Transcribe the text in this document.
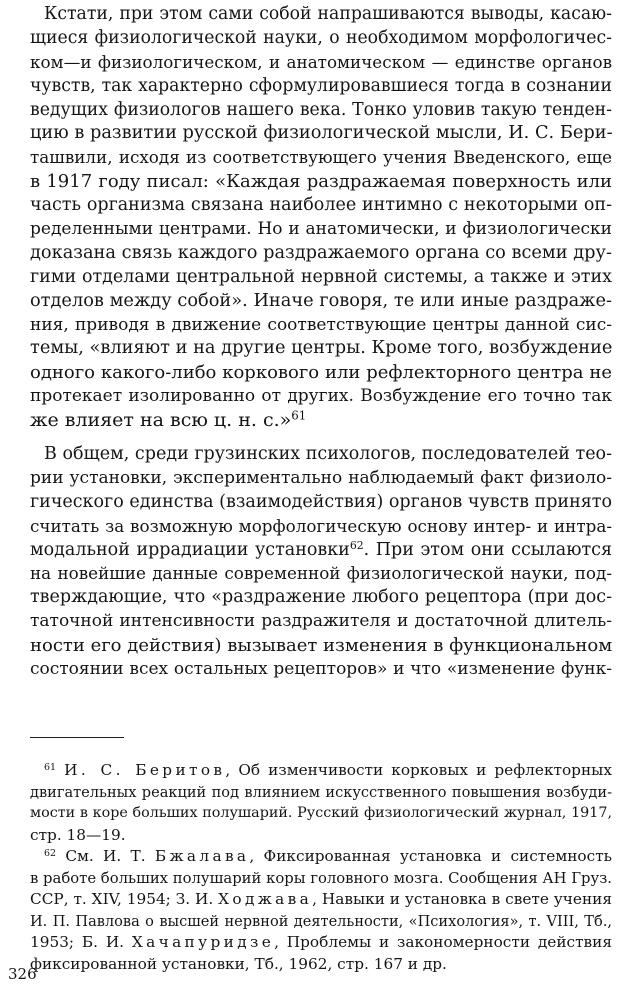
Кстати, при этом сами собой напрашиваются выводы, касаю-
щиеся физиологической науки, о необходимом морфологичес-
ком—и физиологическом, и анатомическом — единстве органов
чувств, так характерно сформулировавшиеся тогда в сознании
ведущих физиологов нашего века. Тонко уловив такую тенден-
цию в развитии русской физиологической мысли, И. С. Бери-
ташвили, исходя из соответствующего учения Введенского, еще
в 1917 году писал: «Каждая раздражаемая поверхность или
часть организма связана наиболее интимно с некоторыми оп-
ределенными центрами. Но и анатомически, и физиологически
доказана связь каждого раздражаемого органа со всеми дру-
гими отделами центральной нервной системы, а также и этих
отделов между собой». Иначе говоря, те или иные раздраже-
ния, приводя в движение соответствующие центры данной сис-
темы, «влияют и на другие центры. Кроме того, возбуждение
одного какого-либо коркового или рефлекторного центра не
протекает изолированно от других. Возбуждение его точно так
же влияет на всю ц. н. с.»$^{61}$
В общем, среди грузинских психологов, последователей тео-
рии установки, экспериментально наблюдаемый факт физиоло-
гического единства (взаимодействия) органов чувств принято
считать за возможную морфологическую основу интер- и интра-
модальной иррадиации установки$^{62}$. При этом они ссылаются
на новейшие данные современной физиологической науки, под-
тверждающие, что «раздражение любого рецептора (при дос-
таточной интенсивности раздражителя и достаточной длитель-
ности его действия) вызывает изменения в функциональном
состоянии всех остальных рецепторов» и что «изменение функ-
$^{61}$ И. С. Беритов, Об изменчивости корковых и рефлекторных
двигательных реакций под влиянием искусственного повышения возбуди-
мости в коре больших полушарий. Русский физиологический журнал, 1917,
стр. 18—19.
$^{62}$ См. И. Т. Бжалава, Фиксированная установка и системность
в работе больших полушарий коры головного мозга. Сообщения АН Груз.
ССР, т. XIV, 1954; З. И. Ходжава, Навыки и установка в свете учения
И. П. Павлова о высшей нервной деятельности, «Психология», т. VIII, Тб.,
1953; Б. И. Хачапуридзе, Проблемы и закономерности действия
фиксированной установки, Тб., 1962, стр. 167 и др.
326
